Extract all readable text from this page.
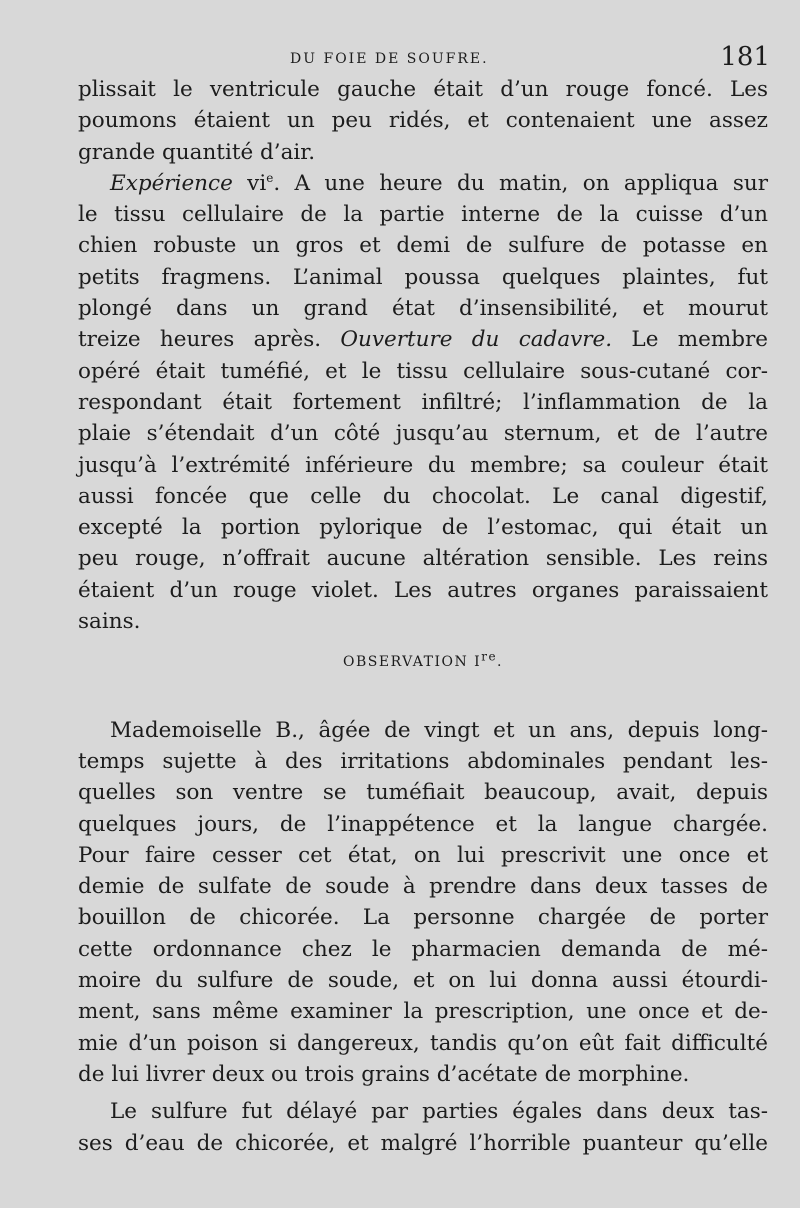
DU FOIE DE SOUFRE.	181
plissait le ventricule gauche était d’un rouge foncé. Les
poumons étaient un peu ridés, et contenaient une assez
grande quantité d’air.
Expérience $vi^e$. A une heure du matin, on appliqua sur
le tissu cellulaire de la partie interne de la cuisse d’un
chien robuste un gros et demi de sulfure de potasse en
petits fragmens. L’animal poussa quelques plaintes, fut
plongé dans un grand état d’insensibilité, et mourut
treize heures après. Ouverture du cadavre. Le membre
opéré était tuméfié, et le tissu cellulaire sous-cutané cor-
respondant était fortement infiltré; l’inflammation de la
plaie s’étendait d’un côté jusqu’au sternum, et de l’autre
jusqu’à l’extrémité inférieure du membre; sa couleur était
aussi foncée que celle du chocolat. Le canal digestif,
excepté la portion pylorique de l’estomac, qui était un
peu rouge, n’offrait aucune altération sensible. Les reins
étaient d’un rouge violet. Les autres organes paraissaient
sains.
OBSERVATION Ire.
Mademoiselle B., âgée de vingt et un ans, depuis long-
temps sujette à des irritations abdominales pendant les-
quelles son ventre se tuméfiait beaucoup, avait, depuis
quelques jours, de l’inappétence et la langue chargée.
Pour faire cesser cet état, on lui prescrivit une once et
demie de sulfate de soude à prendre dans deux tasses de
bouillon de chicorée. La personne chargée de porter
cette ordonnance chez le pharmacien demanda de mé-
moire du sulfure de soude, et on lui donna aussi étourdi-
ment, sans même examiner la prescription, une once et de-
mie d’un poison si dangereux, tandis qu’on eût fait difficulté
de lui livrer deux ou trois grains d’acétate de morphine.
Le sulfure fut délayé par parties égales dans deux tas-
ses d’eau de chicorée, et malgré l’horrible puanteur qu’elle
